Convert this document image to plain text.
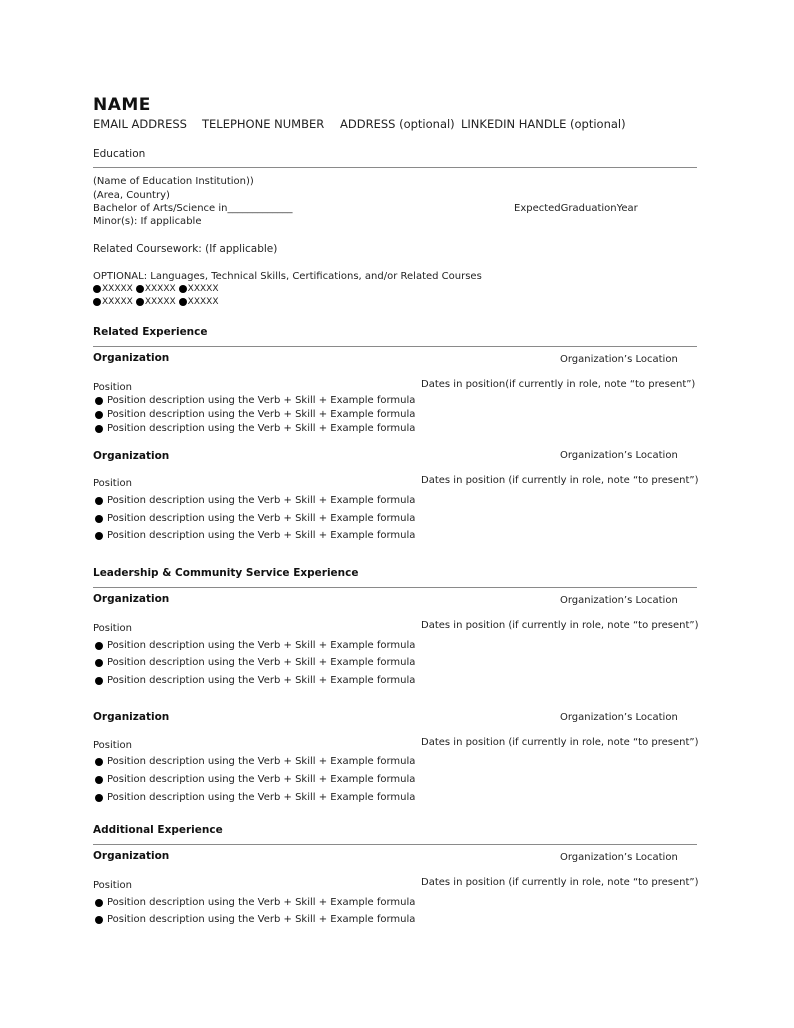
NAME
EMAIL ADDRESS TELEPHONE NUMBER ADDRESS (optional) LINKEDIN HANDLE (optional)
Education
(Name of Education Institution))
(Area, Country)
Bachelor of Arts/Science in_____________	ExpectedGraduationYear
Minor(s): If applicable
Related Coursework: (If applicable)
OPTIONAL: Languages, Technical Skills, Certifications, and/or Related Courses
XXXXX XXXXX XXXXX
XXXXX XXXXX XXXXX
Related Experience
Organization	Organization’s Location
Position	Dates in position(if currently in role, note “to present”)
Position description using the Verb + Skill + Example formula
Position description using the Verb + Skill + Example formula
Position description using the Verb + Skill + Example formula
Organization	Organization’s Location
Position	Dates in position (if currently in role, note “to present”)
Position description using the Verb + Skill + Example formula
Position description using the Verb + Skill + Example formula
Position description using the Verb + Skill + Example formula
Leadership & Community Service Experience
Organization	Organization’s Location
Position	Dates in position (if currently in role, note “to present”)
Position description using the Verb + Skill + Example formula
Position description using the Verb + Skill + Example formula
Position description using the Verb + Skill + Example formula
Organization	Organization’s Location
Position	Dates in position (if currently in role, note “to present”)
Position description using the Verb + Skill + Example formula
Position description using the Verb + Skill + Example formula
Position description using the Verb + Skill + Example formula
Additional Experience
Organization	Organization’s Location
Position	Dates in position (if currently in role, note “to present”)
Position description using the Verb + Skill + Example formula
Position description using the Verb + Skill + Example formula
